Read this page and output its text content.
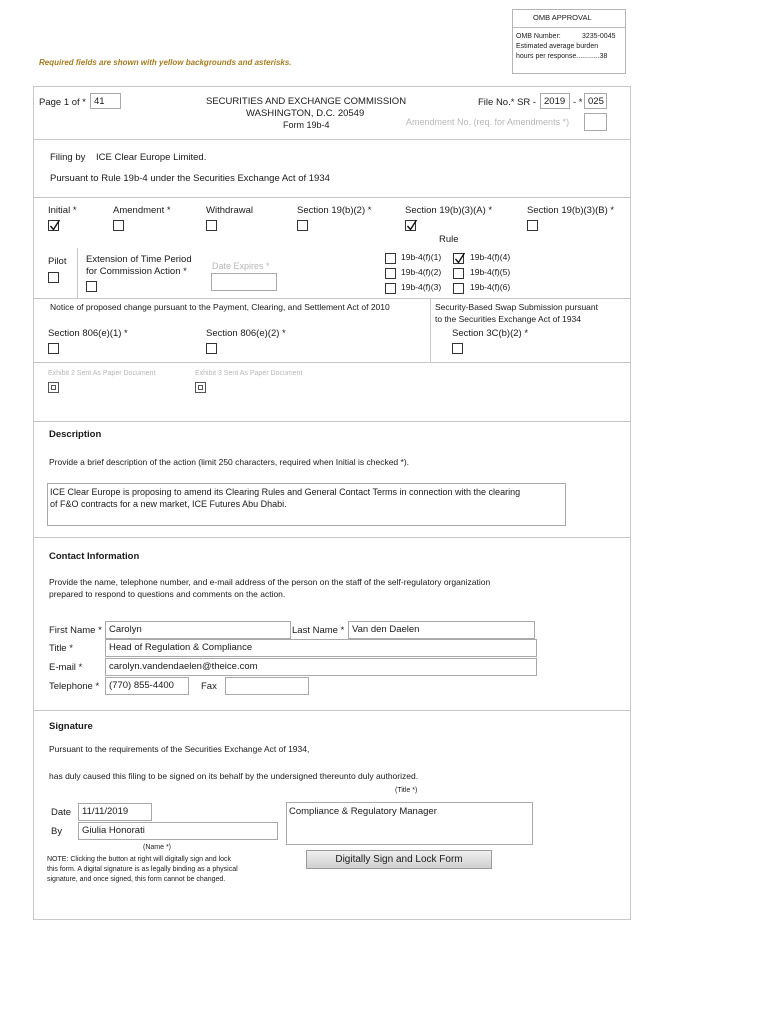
OMB APPROVAL
OMB Number:	3235-0045
Estimated average burden
hours per response............38
Required fields are shown with yellow backgrounds and asterisks.
Page 1 of * 41	SECURITIES AND EXCHANGE COMMISSION
WASHINGTON, D.C. 20549
Form 19b-4
File No.* SR - 2019 - * 025
Amendment No. (req. for Amendments *)
Filing by ICE Clear Europe Limited.
Pursuant to Rule 19b-4 under the Securities Exchange Act of 1934
Initial *	Amendment *	Withdrawal	Section 19(b)(2) *	Section 19(b)(3)(A) *	Section 19(b)(3)(B) *
Rule
Pilot Extension of Time Period
for Commission Action *	Date Expires *
19b-4(f)(1)
19b-4(f)(2)
19b-4(f)(3)
19b-4(f)(4)
19b-4(f)(5)
19b-4(f)(6)
Notice of proposed change pursuant to the Payment, Clearing, and Settlement Act of 2010
Section 806(e)(1) *	Section 806(e)(2) *
Security-Based Swap Submission pursuant
to the Securities Exchange Act of 1934
Section 3C(b)(2) *
Exhibit 2 Sent As Paper Document	Exhibit 3 Sent As Paper Document
Description
Provide a brief description of the action (limit 250 characters, required when Initial is checked *).
ICE Clear Europe is proposing to amend its Clearing Rules and General Contact Terms in connection with the clearing
of F&O contracts for a new market, ICE Futures Abu Dhabi.
Contact Information
Provide the name, telephone number, and e-mail address of the person on the staff of the self-regulatory organization
prepared to respond to questions and comments on the action.
First Name * Carolyn	Last Name * Van den Daelen
Title *	Head of Regulation & Compliance
E-mail *	carolyn.vandendaelen@theice.com
Telephone *	(770) 855-4400	Fax
Signature
Pursuant to the requirements of the Securities Exchange Act of 1934,
has duly caused this filing to be signed on its behalf by the undersigned thereunto duly authorized.
(Title *)
Date	11/11/2019
By	Giulia Honorati
(Name *)
Compliance & Regulatory Manager
Digitally Sign and Lock Form
NOTE: Clicking the button at right will digitally sign and lock
this form. A digital signature is as legally binding as a physical
signature, and once signed, this form cannot be changed.
